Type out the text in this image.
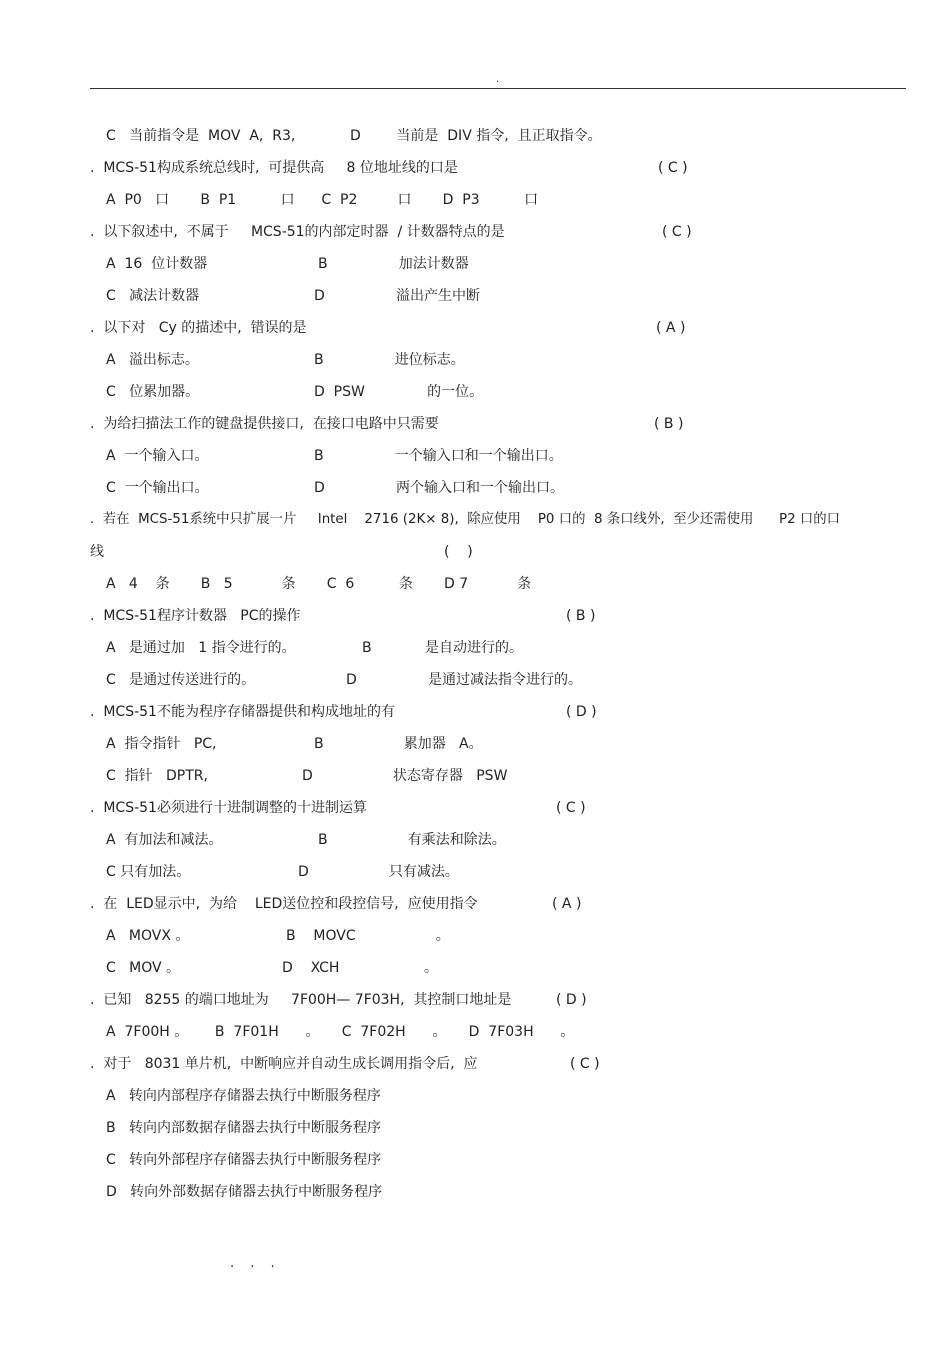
.
C   当前指令是  MOV  A,  R3,	D        当前是  DIV 指令,  且正取指令。
.  MCS-51构成系统总线时,  可提供高     8 位地址线的口是	( C )
A  P0   口       B  P1          口      C  P2         口       D  P3          口
.  以下叙述中,  不属于     MCS-51的内部定时器  / 计数器特点的是	( C )
A  16  位计数器	B                加法计数器
C   减法计数器	D                溢出产生中断
.  以下对   Cy 的描述中,  错误的是	( A )
A   溢出标志。	B                进位标志。
C   位累加器。	D  PSW              的一位。
.  为给扫描法工作的键盘提供接口,  在接口电路中只需要	( B )
A  一个输入口。	B                一个输入口和一个输出口。
C  一个输出口。	D                两个输入口和一个输出口。
.  若在  MCS-51系统中只扩展一片     Intel    2716 (2K× 8),  除应使用    P0 口的  8 条口线外,  至少还需使用      P2 口的口
线	(    )
A   4    条       B   5           条       C  6          条       D 7           条
.  MCS-51程序计数器   PC的操作	( B )
A   是通过加   1 指令进行的。	B            是自动进行的。
C   是通过传送进行的。	D                是通过减法指令进行的。
.  MCS-51不能为程序存储器提供和构成地址的有	( D )
A  指令指针   PC,	B                  累加器   A。
C  指针   DPTR,	D                  状态寄存器   PSW
.  MCS-51必须进行十进制调整的十进制运算	( C )
A  有加法和减法。	B                  有乘法和除法。
C 只有加法。	D                  只有减法。
.  在  LED显示中,  为给    LED送位控和段控信号,  应使用指令	( A )
A   MOVX 。	B    MOVC                  。
C   MOV 。	D    XCH                   。
.  已知   8255 的端口地址为     7F00H— 7F03H,  其控制口地址是	( D )
A  7F00H 。      B  7F01H      。     C  7F02H      。     D  7F03H      。
.  对于   8031 单片机,  中断响应并自动生成长调用指令后,  应	( C )
A   转向内部程序存储器去执行中断服务程序
B   转向内部数据存储器去执行中断服务程序
C   转向外部程序存储器去执行中断服务程序
D   转向外部数据存储器去执行中断服务程序
. . .
